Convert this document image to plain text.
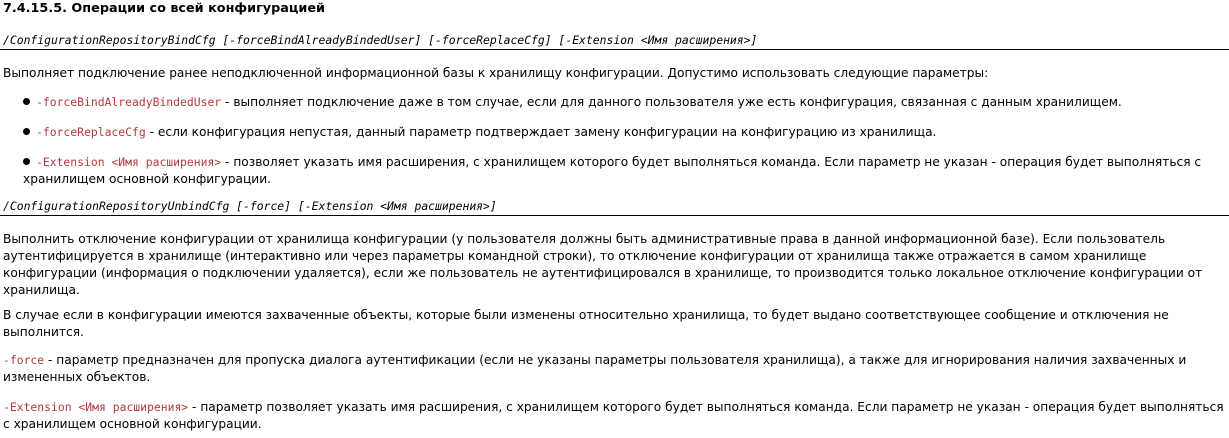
7.4.15.5. Операции со всей конфигурацией
/ConfigurationRepositoryBindCfg [-forceBindAlreadyBindedUser] [-forceReplaceCfg] [-Extension <Имя расширения>]
Выполняет подключение ранее неподключенной информационной базы к хранилищу конфигурации. Допустимо использовать следующие параметры:
-forceBindAlreadyBindedUser - выполняет подключение даже в том случае, если для данного пользователя уже есть конфигурация, связанная с данным хранилищем.
-forceReplaceCfg - если конфигурация непустая, данный параметр подтверждает замену конфигурации на конфигурацию из хранилища.
-Extension <Имя расширения> - позволяет указать имя расширения, с хранилищем которого будет выполняться команда. Если параметр не указан - операция будет выполняться с хранилищем основной конфигурации.
/ConfigurationRepositoryUnbindCfg [-force] [-Extension <Имя расширения>]
Выполнить отключение конфигурации от хранилища конфигурации (у пользователя должны быть административные права в данной информационной базе). Если пользователь аутентифицируется в хранилище (интерактивно или через параметры командной строки), то отключение конфигурации от хранилища также отражается в самом хранилище конфигурации (информация о подключении удаляется), если же пользователь не аутентифицировался в хранилище, то производится только локальное отключение конфигурации от хранилища.
В случае если в конфигурации имеются захваченные объекты, которые были изменены относительно хранилища, то будет выдано соответствующее сообщение и отключения не выполнится.
-force - параметр предназначен для пропуска диалога аутентификации (если не указаны параметры пользователя хранилища), а также для игнорирования наличия захваченных и измененных объектов.
-Extension <Имя расширения> - параметр позволяет указать имя расширения, с хранилищем которого будет выполняться команда. Если параметр не указан - операция будет выполняться с хранилищем основной конфигурации.
